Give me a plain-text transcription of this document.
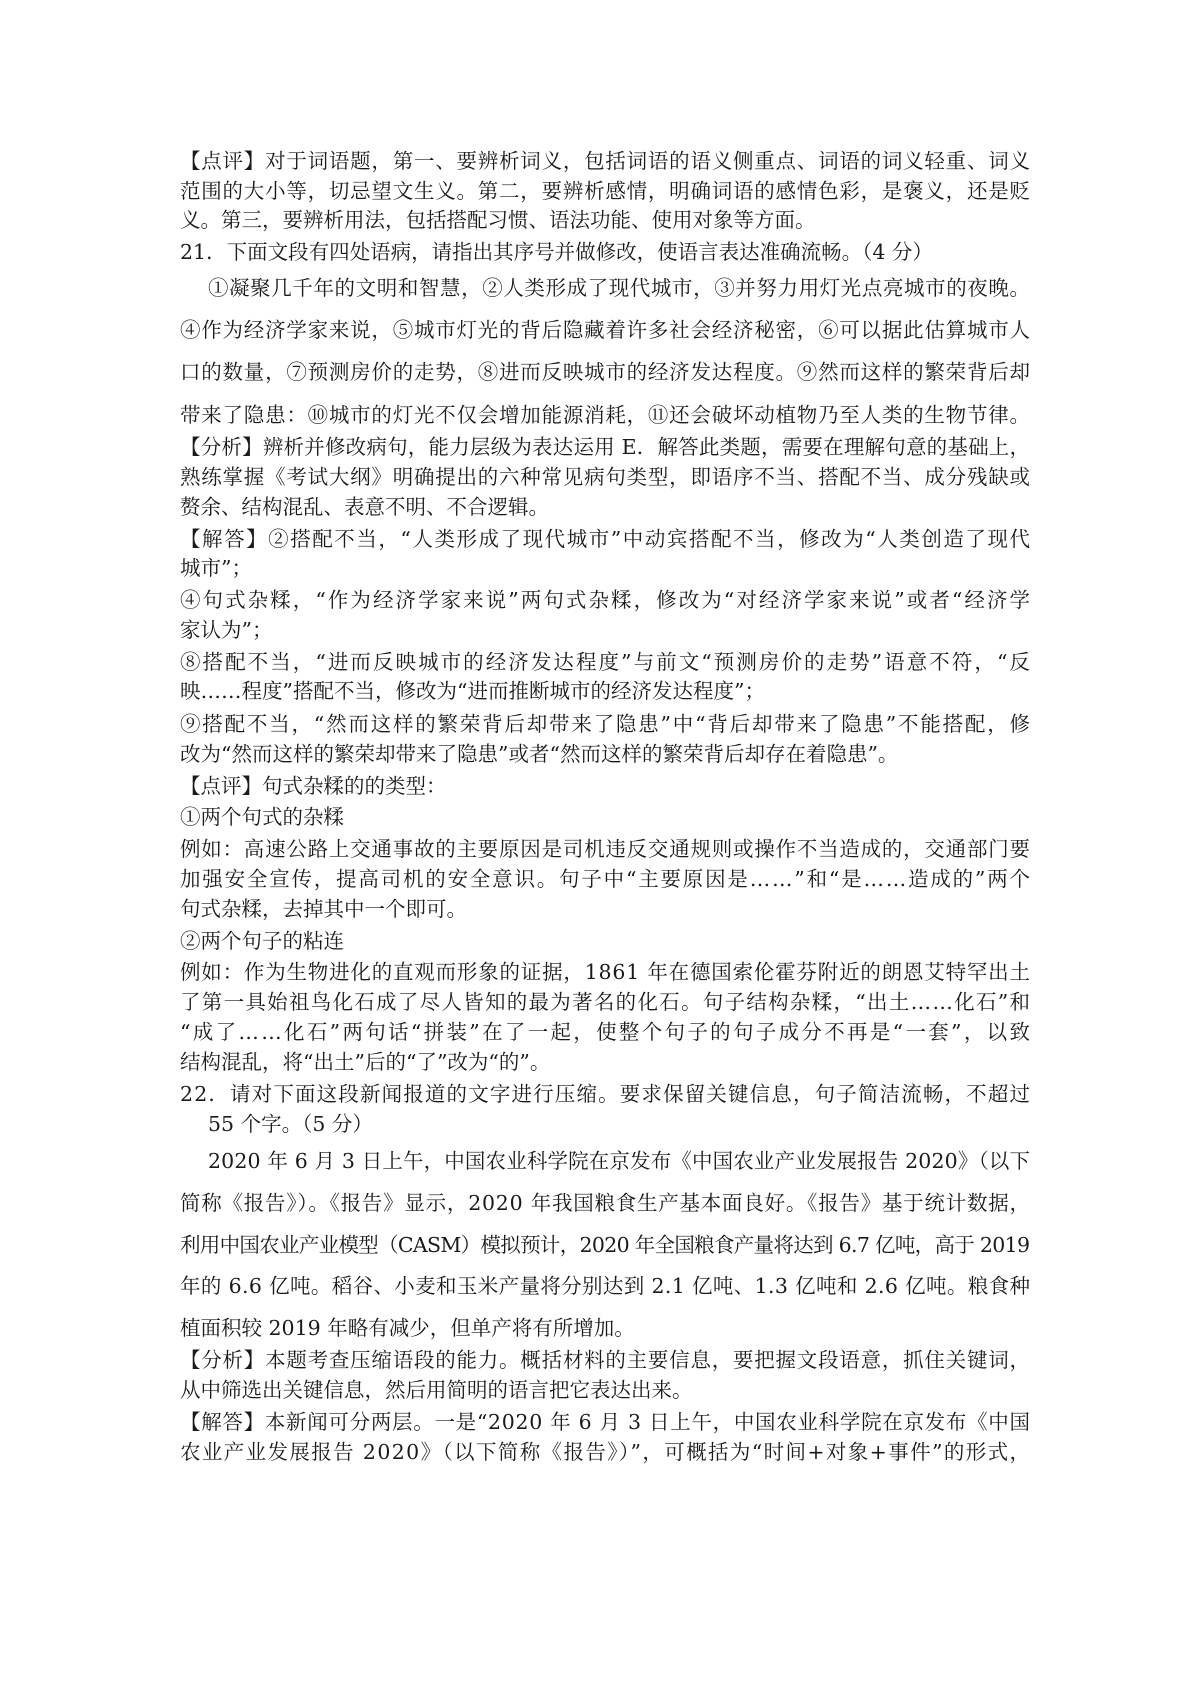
【点评】对于词语题，第一、要辨析词义，包括词语的语义侧重点、词语的词义轻重、词义
范围的大小等，切忌望文生义。第二，要辨析感情，明确词语的感情色彩，是褒义，还是贬
义。第三，要辨析用法，包括搭配习惯、语法功能、使用对象等方面。
21．下面文段有四处语病，请指出其序号并做修改，使语言表达准确流畅。（4 分）
①凝聚几千年的文明和智慧，②人类形成了现代城市，③并努力用灯光点亮城市的夜晚。
④作为经济学家来说，⑤城市灯光的背后隐藏着许多社会经济秘密，⑥可以据此估算城市人
口的数量，⑦预测房价的走势，⑧进而反映城市的经济发达程度。⑨然而这样的繁荣背后却
带来了隐患：⑩城市的灯光不仅会增加能源消耗，⑪还会破坏动植物乃至人类的生物节律。
【分析】辨析并修改病句，能力层级为表达运用 E．解答此类题，需要在理解句意的基础上，
熟练掌握《考试大纲》明确提出的六种常见病句类型，即语序不当、搭配不当、成分残缺或
赘余、结构混乱、表意不明、不合逻辑。
【解答】②搭配不当，“人类形成了现代城市”中动宾搭配不当，修改为“人类创造了现代
城市”；
④句式杂糅，“作为经济学家来说”两句式杂糅，修改为“对经济学家来说”或者“经济学
家认为”；
⑧搭配不当，“进而反映城市的经济发达程度”与前文“预测房价的走势”语意不符，“反
映……程度”搭配不当，修改为“进而推断城市的经济发达程度”；
⑨搭配不当，“然而这样的繁荣背后却带来了隐患”中“背后却带来了隐患”不能搭配，修
改为“然而这样的繁荣却带来了隐患”或者“然而这样的繁荣背后却存在着隐患”。
【点评】句式杂糅的的类型：
①两个句式的杂糅
例如：高速公路上交通事故的主要原因是司机违反交通规则或操作不当造成的，交通部门要
加强安全宣传，提高司机的安全意识。句子中“主要原因是……”和“是……造成的”两个
句式杂糅，去掉其中一个即可。
②两个句子的粘连
例如：作为生物进化的直观而形象的证据，1861 年在德国索伦霍芬附近的朗恩艾特罕出土
了第一具始祖鸟化石成了尽人皆知的最为著名的化石。句子结构杂糅，“出土……化石”和
“成了……化石”两句话“拼装”在了一起，使整个句子的句子成分不再是“一套”，以致
结构混乱，将“出土”后的“了”改为“的”。
22．请对下面这段新闻报道的文字进行压缩。要求保留关键信息，句子简洁流畅，不超过
55 个字。（5 分）
2020 年 6 月 3 日上午，中国农业科学院在京发布《中国农业产业发展报告 2020》（以下
简称《报告》）。《报告》显示，2020 年我国粮食生产基本面良好。《报告》基于统计数据，
利用中国农业产业模型（CASM）模拟预计，2020 年全国粮食产量将达到 6.7 亿吨，高于 2019
年的 6.6 亿吨。稻谷、小麦和玉米产量将分别达到 2.1 亿吨、1.3 亿吨和 2.6 亿吨。粮食种
植面积较 2019 年略有减少，但单产将有所增加。
【分析】本题考查压缩语段的能力。概括材料的主要信息，要把握文段语意，抓住关键词，
从中筛选出关键信息，然后用简明的语言把它表达出来。
【解答】本新闻可分两层。一是“2020 年 6 月 3 日上午，中国农业科学院在京发布《中国
农业产业发展报告 2020》（以下简称《报告》）”，可概括为“时间+对象+事件”的形式，
